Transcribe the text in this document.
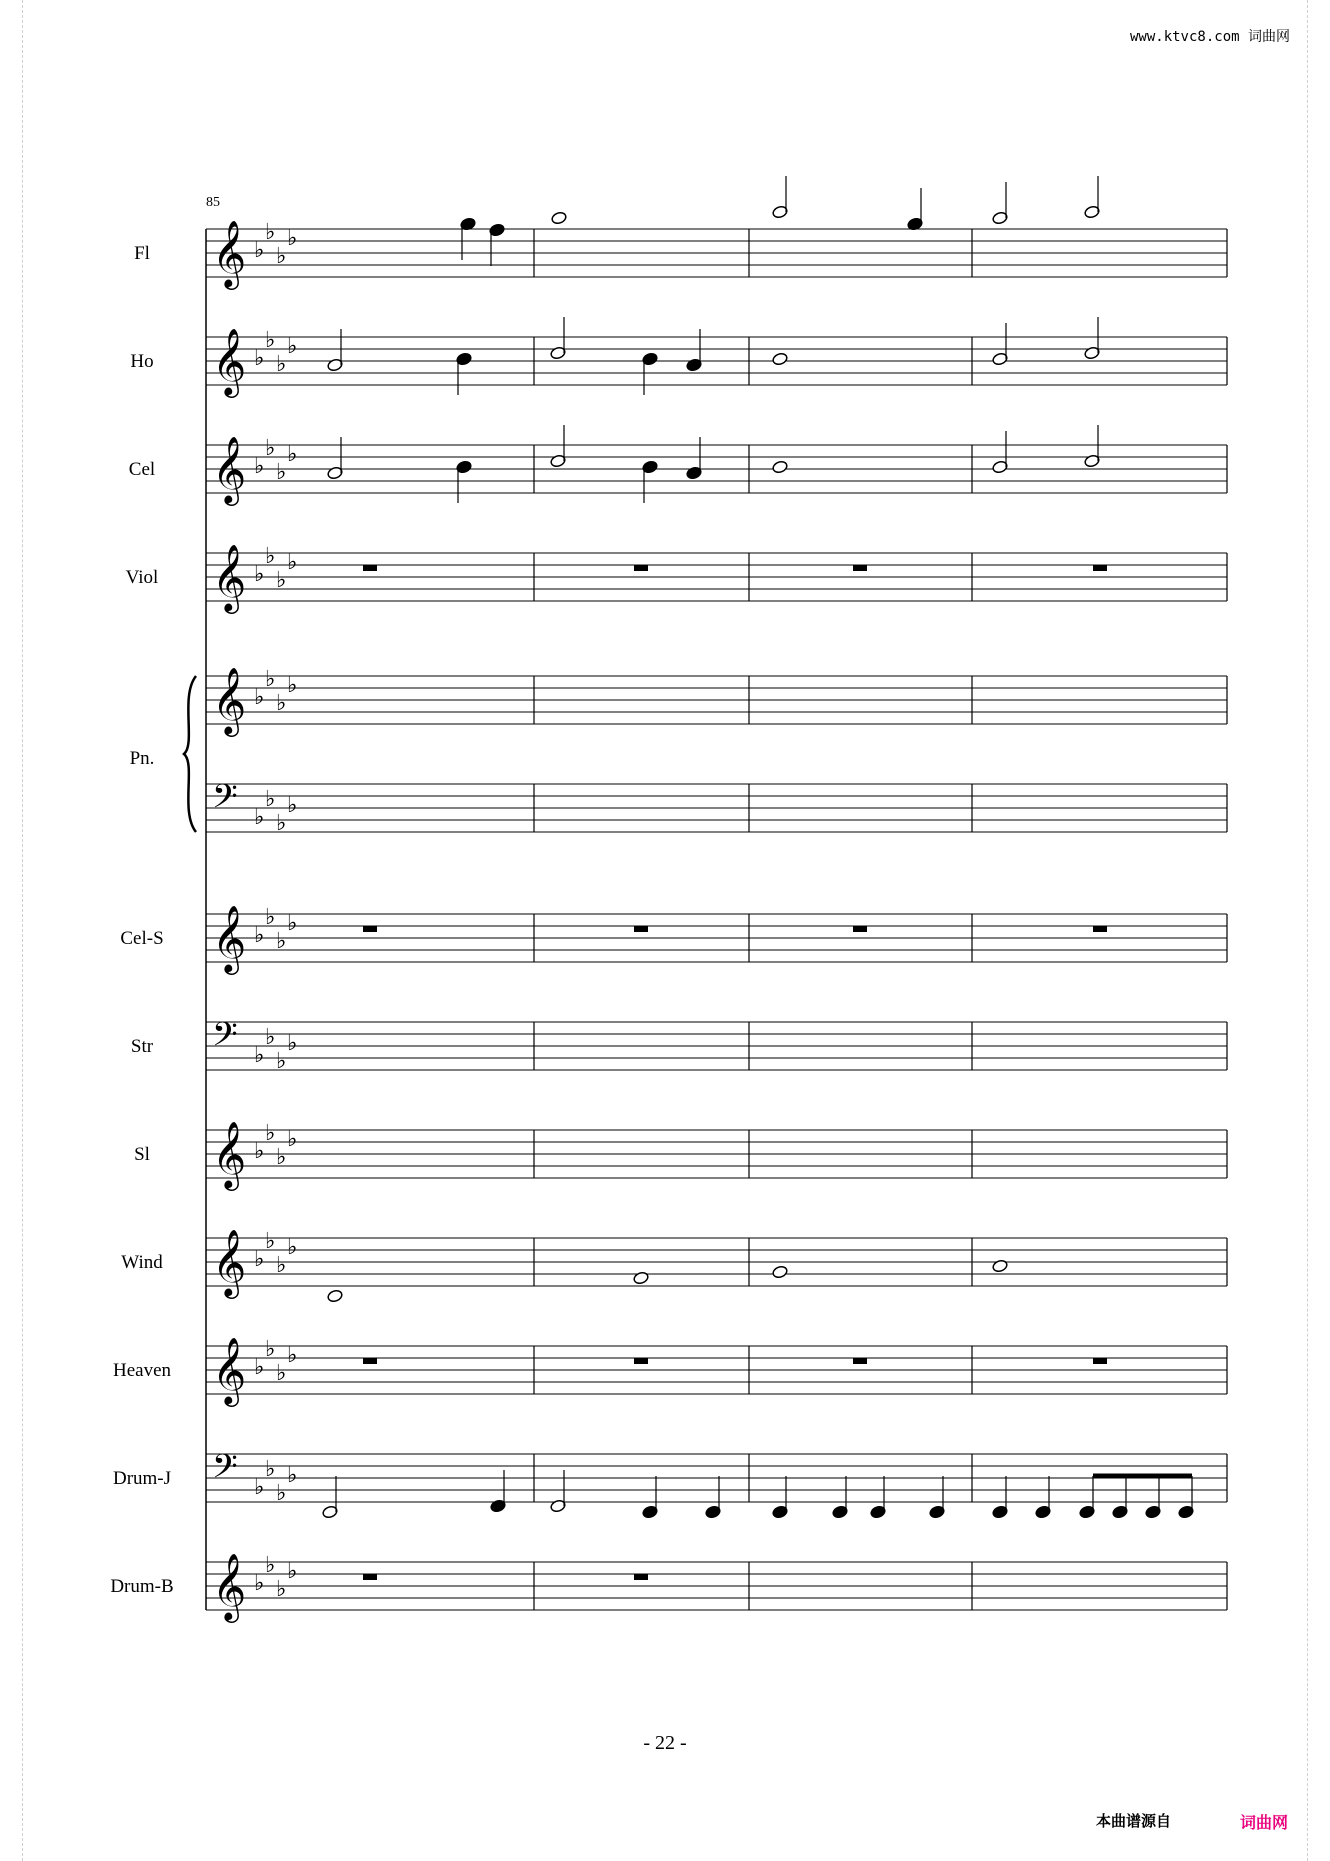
www.ktvc8.com 词曲网
85
𝄞 ♭
♭
♭
♭
Fl
𝄞 ♭
♭
♭
♭
Ho
𝄞 ♭
♭
♭
♭
Cel
𝄞 ♭
♭
♭
♭
Viol
𝄞 ♭
♭
♭
♭
Pn.
𝄢 ♭
♭
♭
♭
𝄞 ♭
♭
♭
♭
Cel-S
𝄢 ♭
♭
♭
♭
Str
𝄞 ♭
♭
♭
♭
Sl
𝄞 ♭
♭
♭
♭
Wind
𝄞 ♭
♭
♭
♭
Heaven
𝄢 ♭
♭
♭
♭
Drum-J
𝄞 ♭
♭
♭
♭
Drum-B
- 22 -
本曲谱源自	词曲网
